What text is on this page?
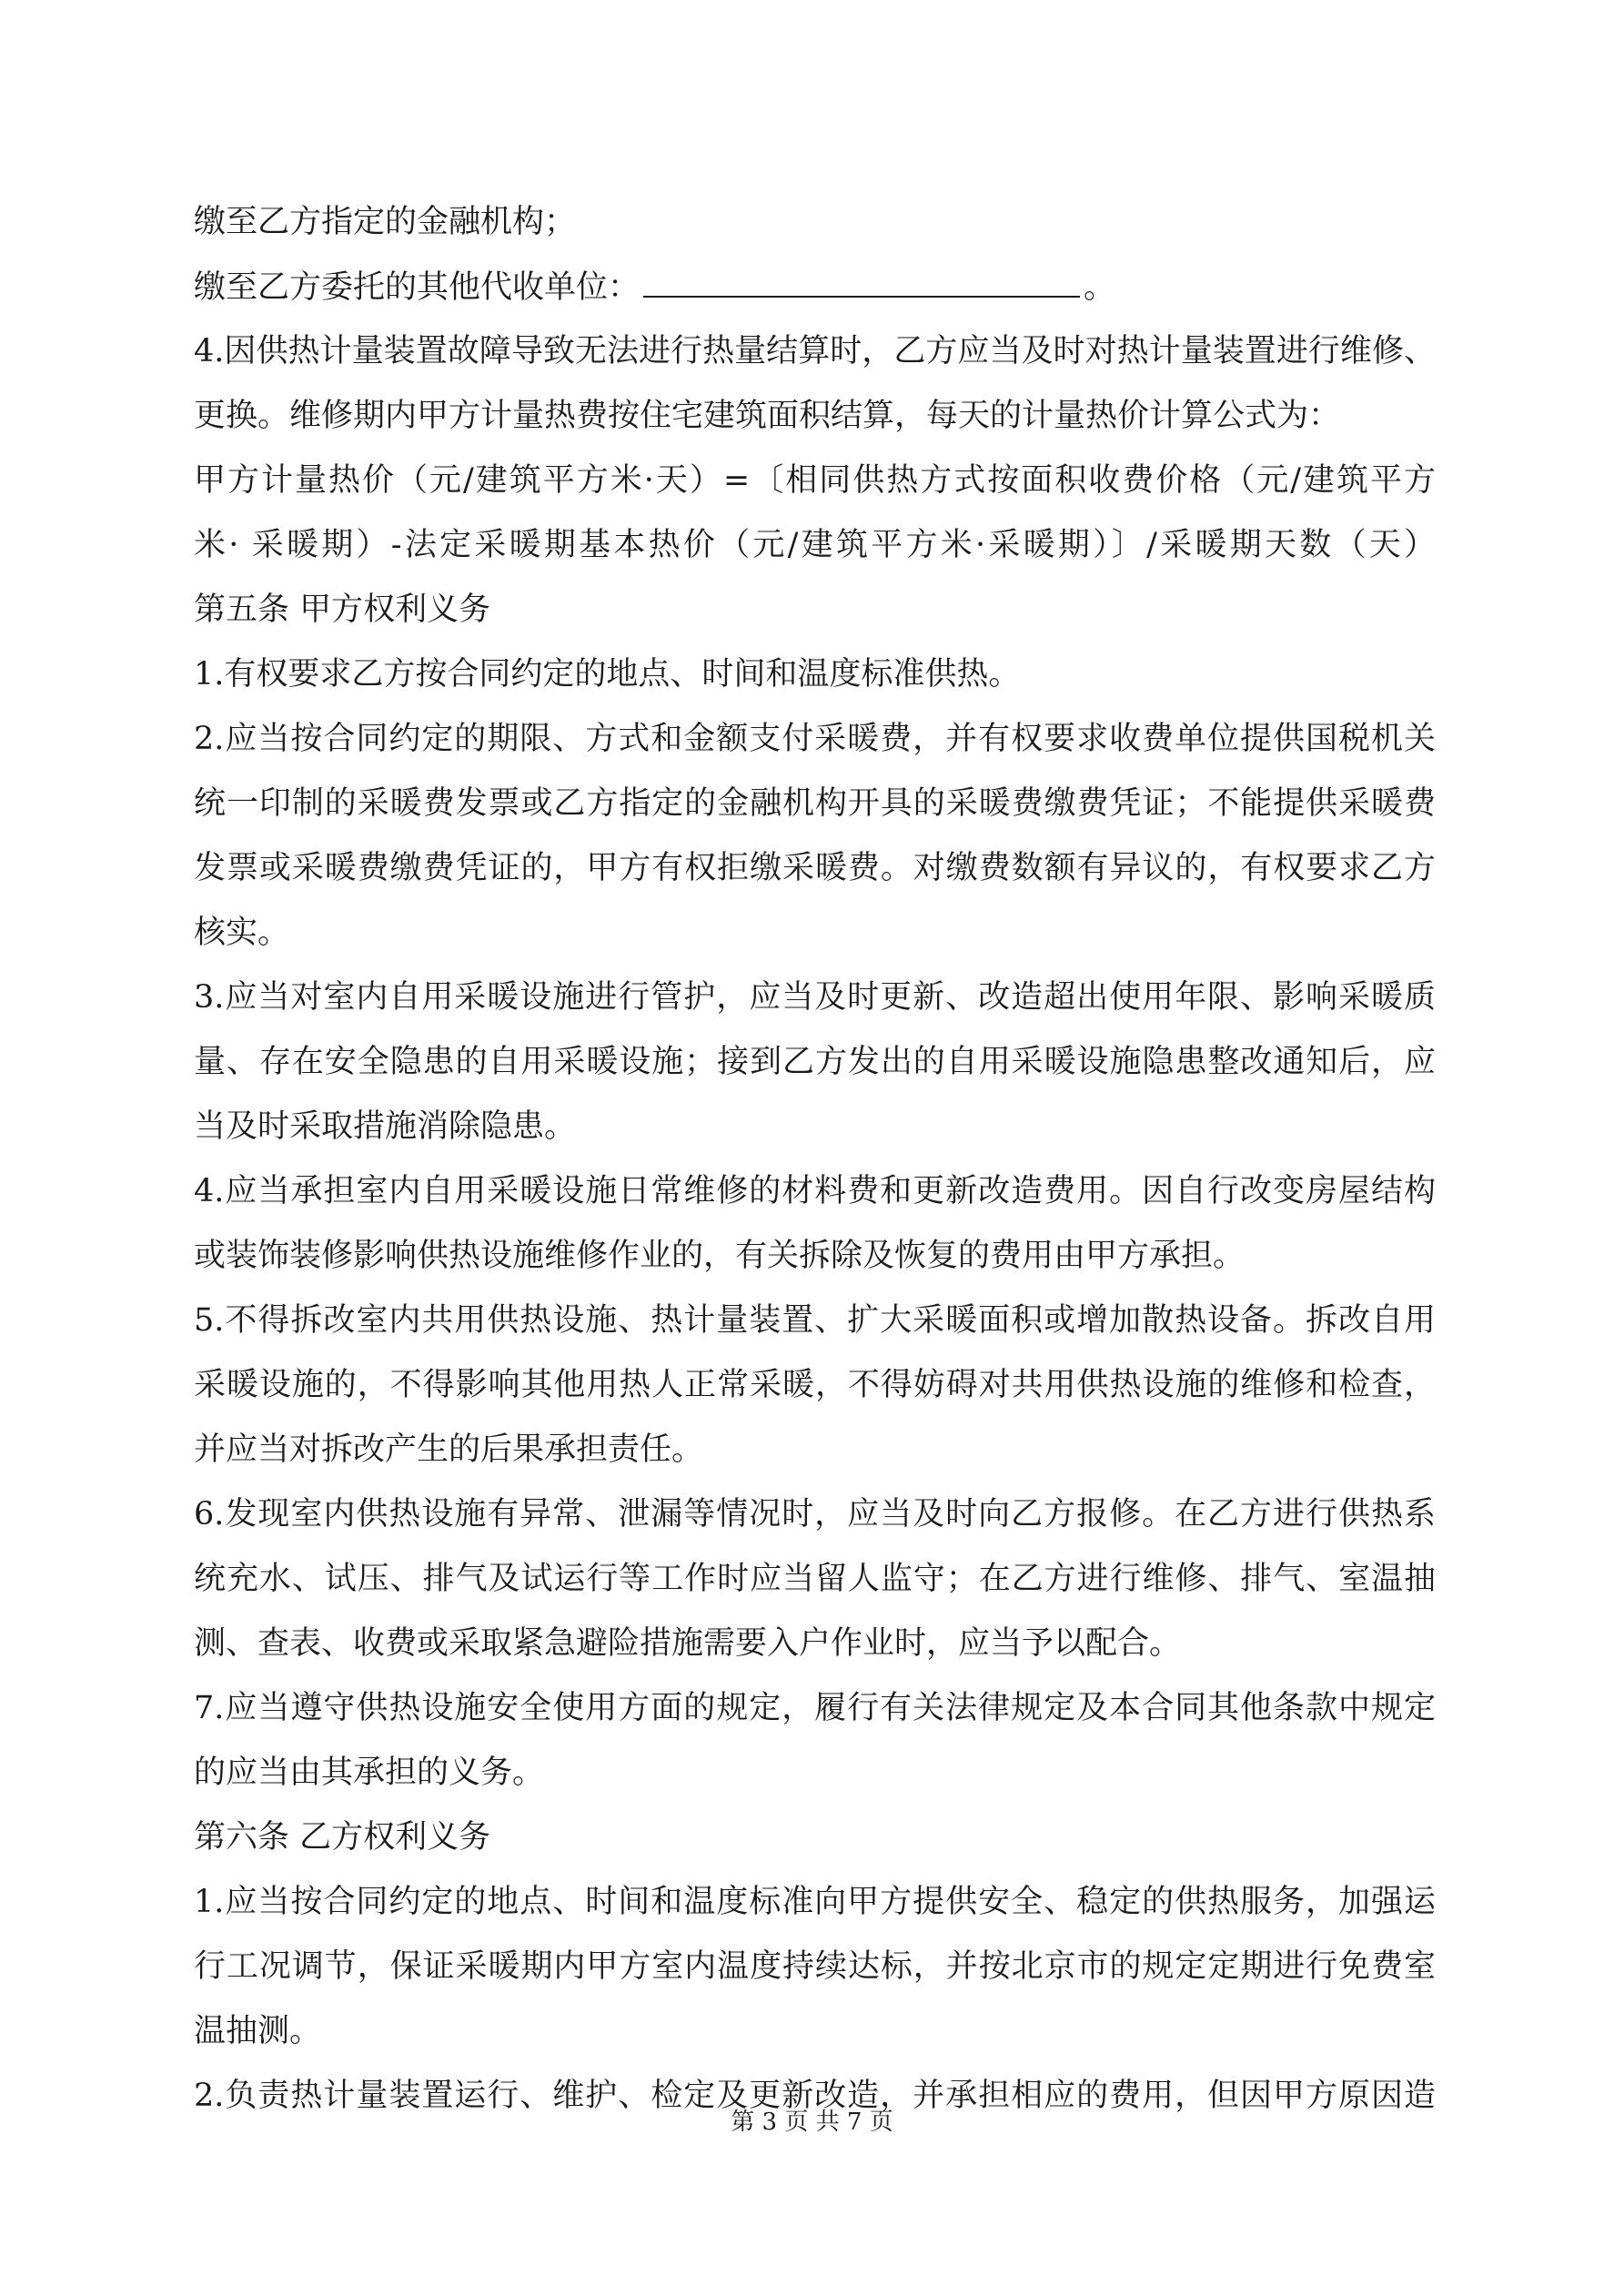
缴至乙方指定的金融机构；
缴至乙方委托的其他代收单位：	。
4.因供热计量装置故障导致无法进行热量结算时，乙方应当及时对热计量装置进行维修、
更换。维修期内甲方计量热费按住宅建筑面积结算，每天的计量热价计算公式为：
甲方计量热价（元/建筑平方米·天）=〔相同供热方式按面积收费价格（元/建筑平方
米· 采暖期）-法定采暖期基本热价（元/建筑平方米·采暖期）〕/采暖期天数（天）
第五条 甲方权利义务
1.有权要求乙方按合同约定的地点、时间和温度标准供热。
2.应当按合同约定的期限、方式和金额支付采暖费，并有权要求收费单位提供国税机关
统一印制的采暖费发票或乙方指定的金融机构开具的采暖费缴费凭证；不能提供采暖费
发票或采暖费缴费凭证的，甲方有权拒缴采暖费。对缴费数额有异议的，有权要求乙方
核实。
3.应当对室内自用采暖设施进行管护，应当及时更新、改造超出使用年限、影响采暖质
量、存在安全隐患的自用采暖设施；接到乙方发出的自用采暖设施隐患整改通知后，应
当及时采取措施消除隐患。
4.应当承担室内自用采暖设施日常维修的材料费和更新改造费用。因自行改变房屋结构
或装饰装修影响供热设施维修作业的，有关拆除及恢复的费用由甲方承担。
5.不得拆改室内共用供热设施、热计量装置、扩大采暖面积或增加散热设备。拆改自用
采暖设施的，不得影响其他用热人正常采暖，不得妨碍对共用供热设施的维修和检查，
并应当对拆改产生的后果承担责任。
6.发现室内供热设施有异常、泄漏等情况时，应当及时向乙方报修。在乙方进行供热系
统充水、试压、排气及试运行等工作时应当留人监守；在乙方进行维修、排气、室温抽
测、查表、收费或采取紧急避险措施需要入户作业时，应当予以配合。
7.应当遵守供热设施安全使用方面的规定，履行有关法律规定及本合同其他条款中规定
的应当由其承担的义务。
第六条 乙方权利义务
1.应当按合同约定的地点、时间和温度标准向甲方提供安全、稳定的供热服务，加强运
行工况调节，保证采暖期内甲方室内温度持续达标，并按北京市的规定定期进行免费室
温抽测。
2.负责热计量装置运行、维护、检定及更新改造，并承担相应的费用，但因甲方原因造
第 3 页 共 7 页
